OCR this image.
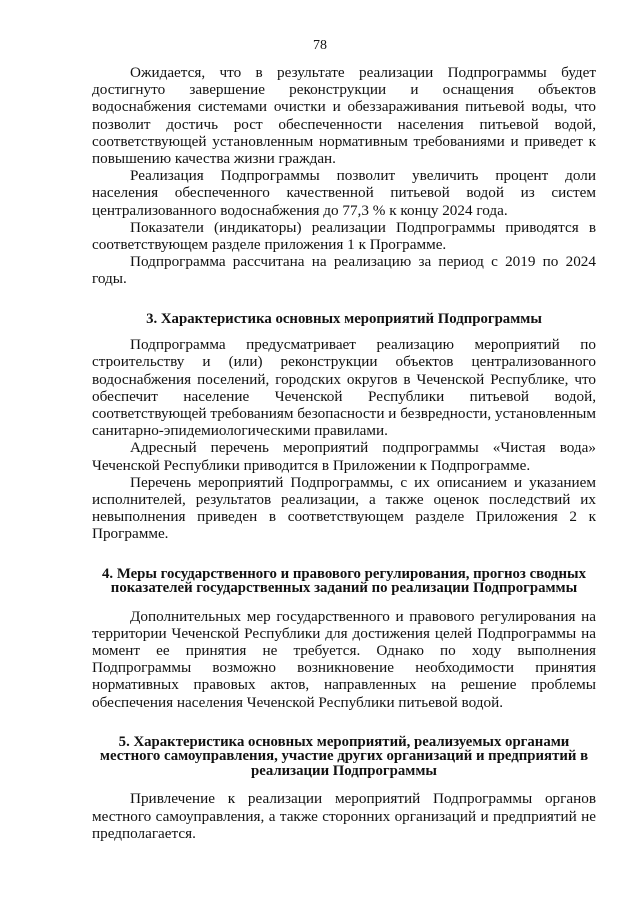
78

Ожидается, что в результате реализации Подпрограммы будет достигнуто завершение реконструкции и оснащения объектов водоснабжения системами очистки и обеззараживания питьевой воды, что позволит достичь рост обеспеченности населения питьевой водой, соответствующей установленным нормативным требованиями и приведет к повышению качества жизни граждан.

Реализация Подпрограммы позволит увеличить процент доли населения обеспеченного качественной питьевой водой из систем централизованного водоснабжения до 77,3 % к концу 2024 года.

Показатели (индикаторы) реализации Подпрограммы приводятся в соответствующем разделе приложения 1 к Программе.

Подпрограмма рассчитана на реализацию за период с 2019 по 2024 годы.

3. Характеристика основных мероприятий Подпрограммы

Подпрограмма предусматривает реализацию мероприятий по строительству и (или) реконструкции объектов централизованного водоснабжения поселений, городских округов в Чеченской Республике, что обеспечит население Чеченской Республики питьевой водой, соответствующей требованиям безопасности и безвредности, установленным санитарно-эпидемиологическими правилами.

Адресный перечень мероприятий подпрограммы «Чистая вода» Чеченской Республики приводится в Приложении к Подпрограмме.

Перечень мероприятий Подпрограммы, с их описанием и указанием исполнителей, результатов реализации, а также оценок последствий их невыполнения приведен в соответствующем разделе Приложения 2 к Программе.

4. Меры государственного и правового регулирования, прогноз сводных

показателей государственных заданий по реализации Подпрограммы

Дополнительных мер государственного и правового регулирования на территории Чеченской Республики для достижения целей Подпрограммы на момент ее принятия не требуется. Однако по ходу выполнения Подпрограммы возможно возникновение необходимости принятия нормативных правовых актов, направленных на решение проблемы обеспечения населения Чеченской Республики питьевой водой.

5. Характеристика основных мероприятий, реализуемых органами

местного самоуправления, участие других организаций и предприятий в

реализации Подпрограммы

Привлечение к реализации мероприятий Подпрограммы органов местного самоуправления, а также сторонних организаций и предприятий не предполагается.
